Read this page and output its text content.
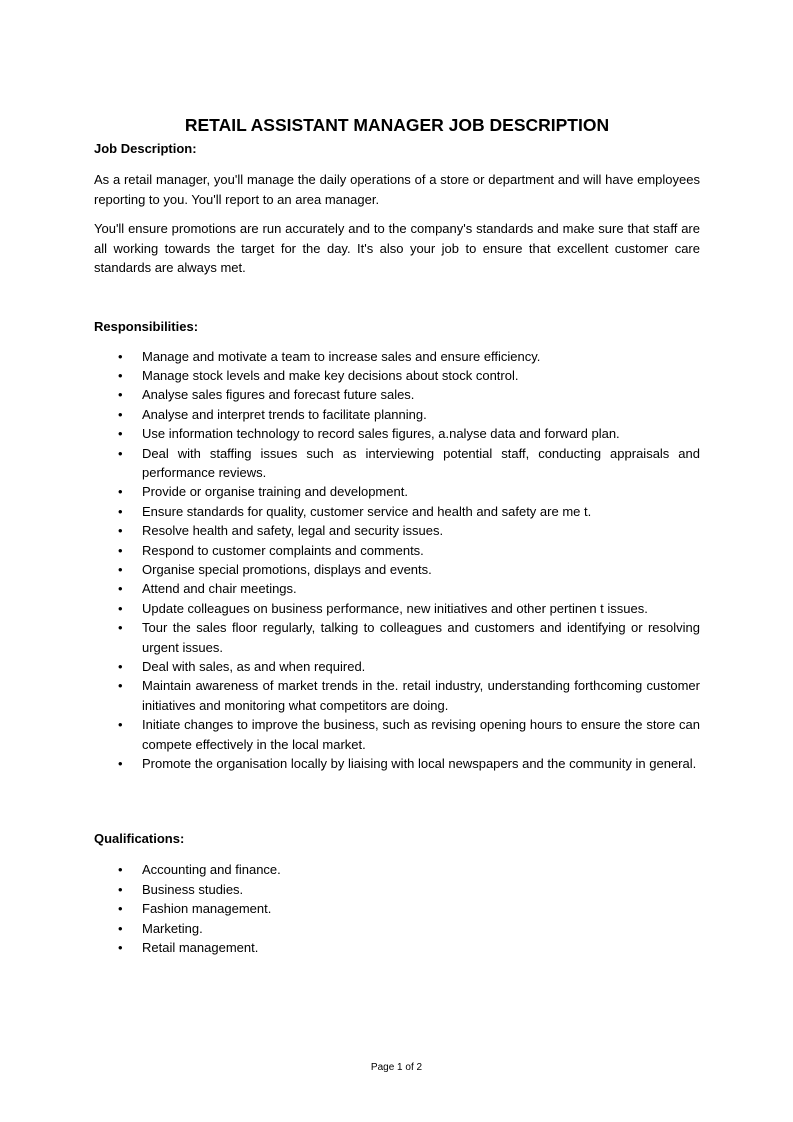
RETAIL ASSISTANT MANAGER JOB DESCRIPTION

Job Description:

As a retail manager, you'll manage the daily operations of a store or department and will have employees reporting to you. You'll report to an area manager.

You'll ensure promotions are run accurately and to the company's standards and make sure that staff are all working towards the target for the day. It's also your job to ensure that excellent customer care standards are always met.

Responsibilities:

• Manage and motivate a team to increase sales and ensure efficiency.
• Manage stock levels and make key decisions about stock control.
• Analyse sales figures and forecast future sales.
• Analyse and interpret trends to facilitate planning.
• Use information technology to record sales figures, a.nalyse data and forward plan.
• Deal with staffing issues such as interviewing potential staff, conducting appraisals and performance reviews.
• Provide or organise training and development.
• Ensure standards for quality, customer service and health and safety are me t.
• Resolve health and safety, legal and security issues.
• Respond to customer complaints and comments.
• Organise special promotions, displays and events.
• Attend and chair meetings.
• Update colleagues on business performance, new initiatives and other pertinen t issues.
• Tour the sales floor regularly, talking to colleagues and customers and identifying or resolving urgent issues.
• Deal with sales, as and when required.
• Maintain awareness of market trends in the. retail industry, understanding forthcoming customer initiatives and monitoring what competitors are doing.
• Initiate changes to improve the business, such as revising opening hours to ensure the store can compete effectively in the local market.
• Promote the organisation locally by liaising with local newspapers and the community in general.

Qualifications:

• Accounting and finance.
• Business studies.
• Fashion management.
• Marketing.
• Retail management.
Page 1 of 2
